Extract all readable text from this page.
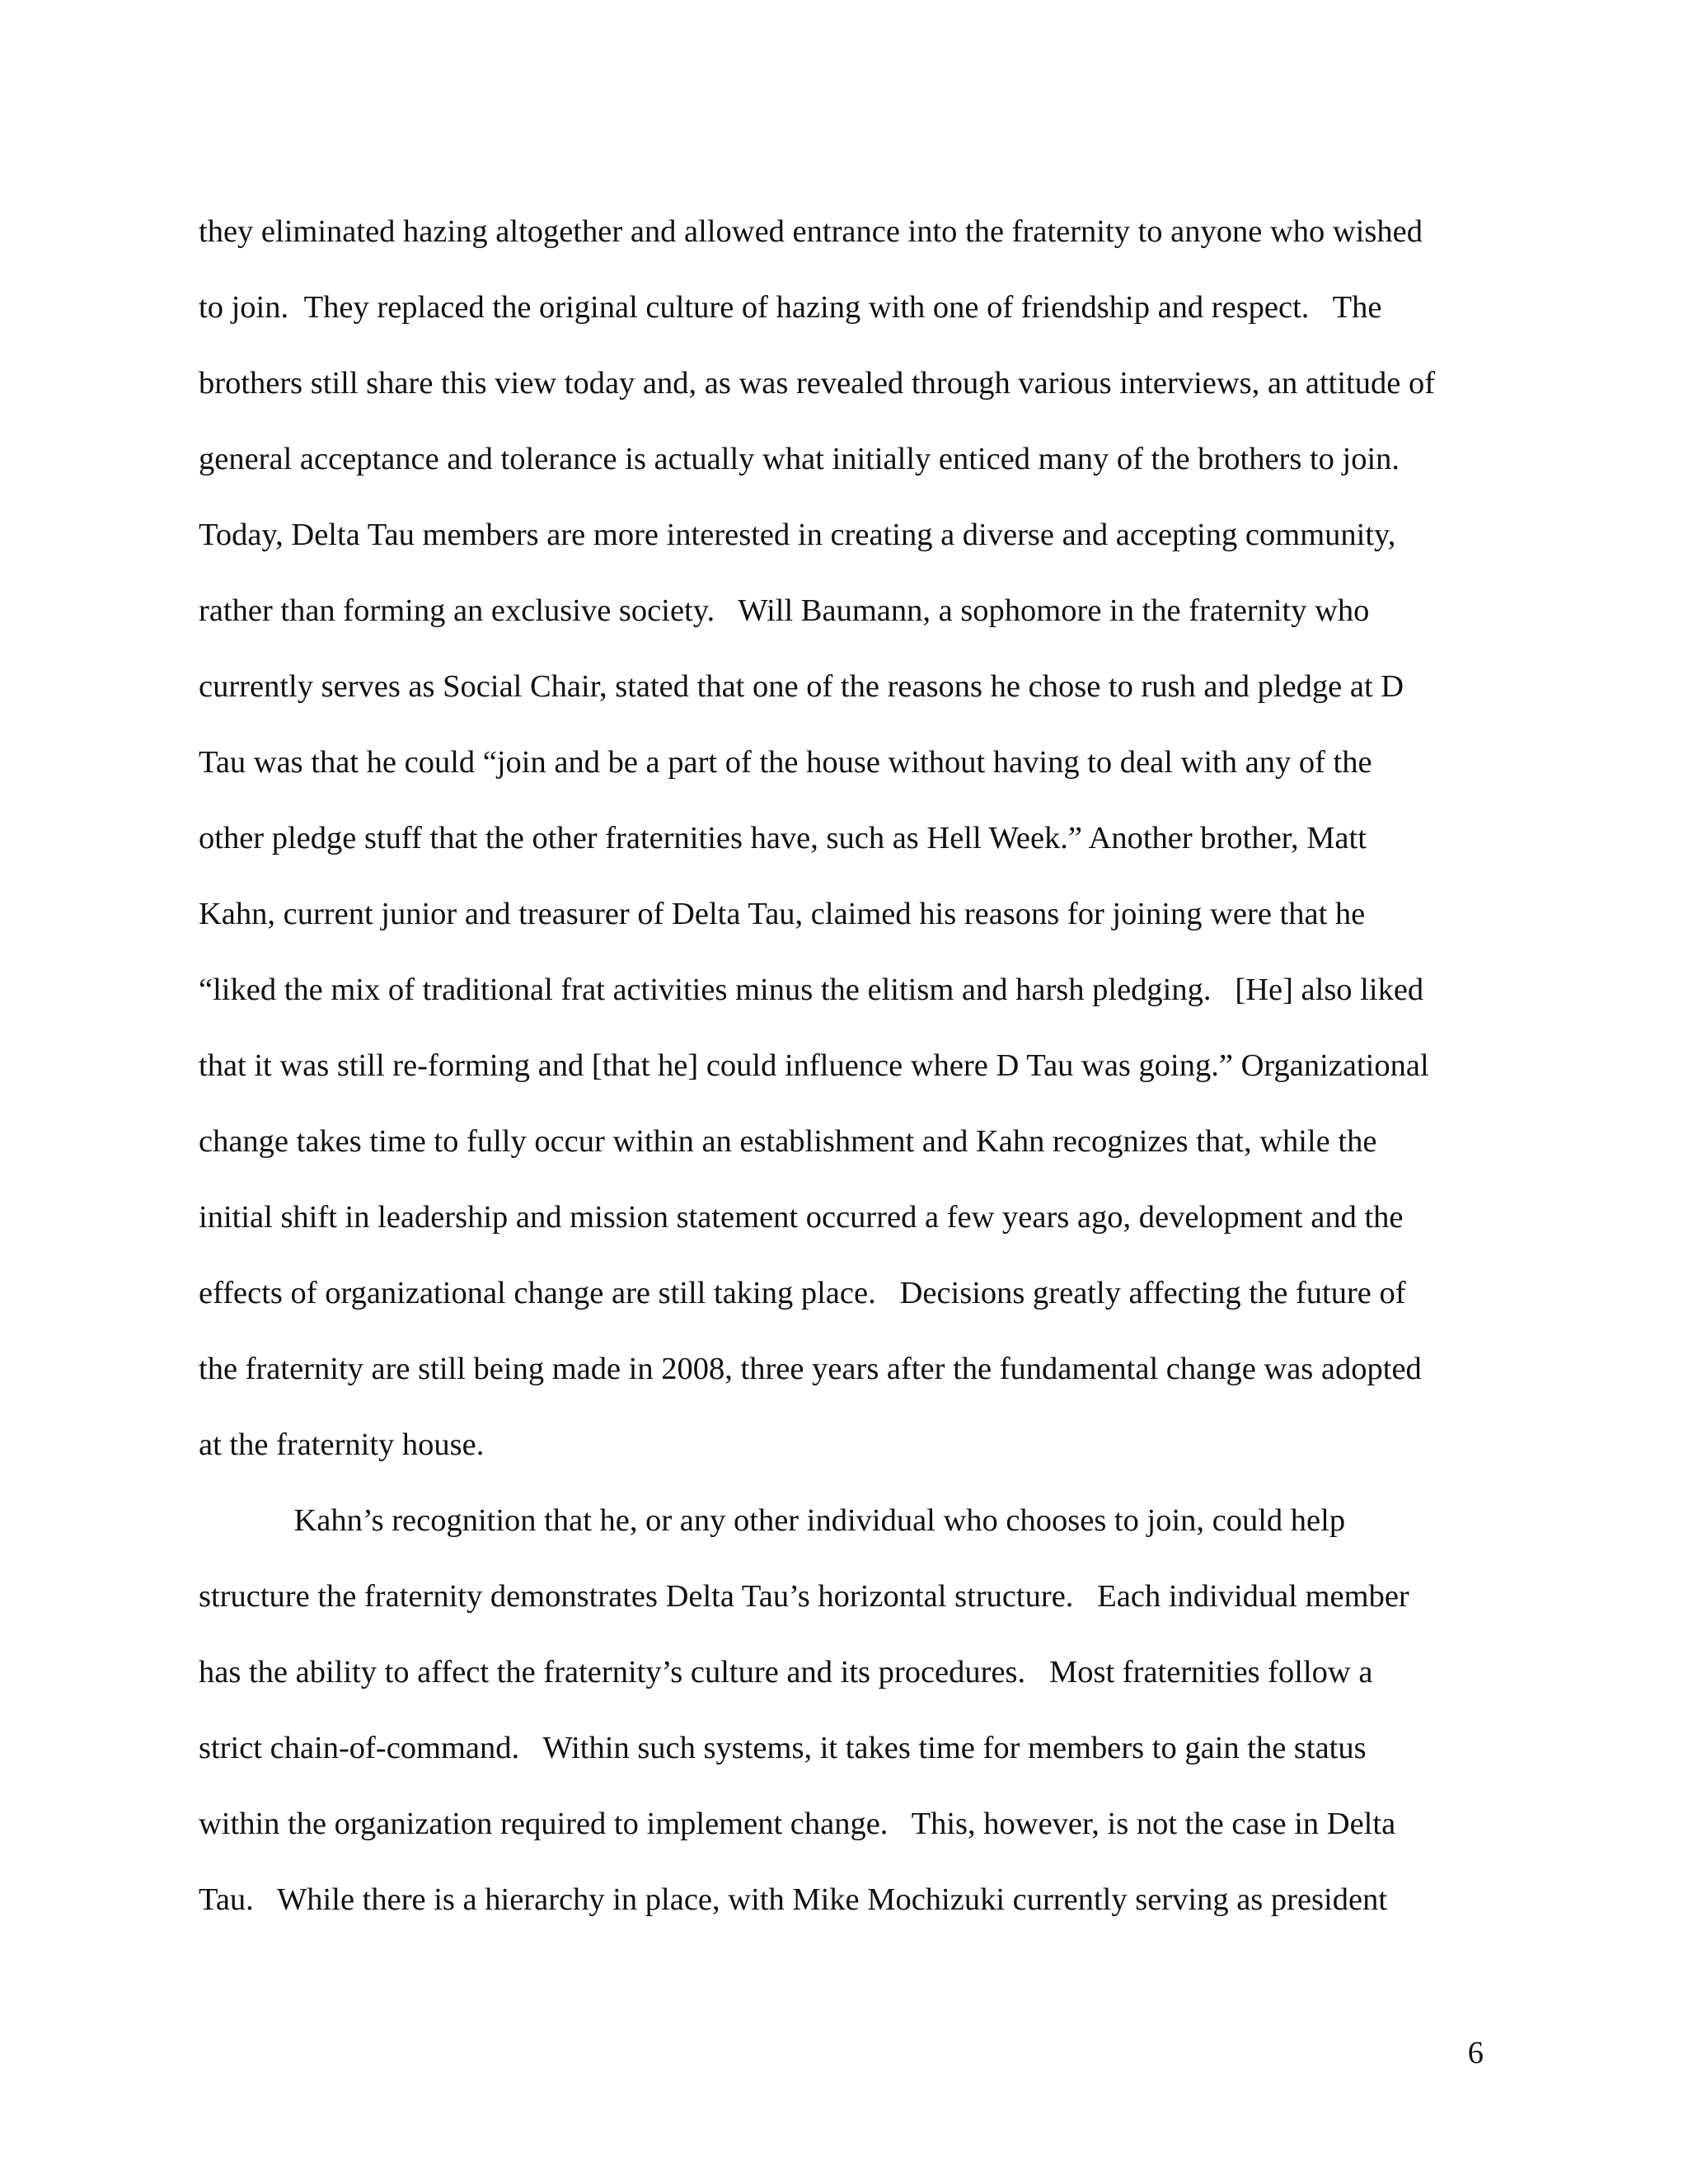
they eliminated hazing altogether and allowed entrance into the fraternity to anyone who wished

to join.  They replaced the original culture of hazing with one of friendship and respect.   The

brothers still share this view today and, as was revealed through various interviews, an attitude of

general acceptance and tolerance is actually what initially enticed many of the brothers to join.

Today, Delta Tau members are more interested in creating a diverse and accepting community,

rather than forming an exclusive society.   Will Baumann, a sophomore in the fraternity who

currently serves as Social Chair, stated that one of the reasons he chose to rush and pledge at D

Tau was that he could “join and be a part of the house without having to deal with any of the

other pledge stuff that the other fraternities have, such as Hell Week.” Another brother, Matt

Kahn, current junior and treasurer of Delta Tau, claimed his reasons for joining were that he

“liked the mix of traditional frat activities minus the elitism and harsh pledging.   [He] also liked

that it was still re-forming and [that he] could influence where D Tau was going.” Organizational

change takes time to fully occur within an establishment and Kahn recognizes that, while the

initial shift in leadership and mission statement occurred a few years ago, development and the

effects of organizational change are still taking place.   Decisions greatly affecting the future of

the fraternity are still being made in 2008, three years after the fundamental change was adopted

at the fraternity house.

Kahn’s recognition that he, or any other individual who chooses to join, could help

structure the fraternity demonstrates Delta Tau’s horizontal structure.   Each individual member

has the ability to affect the fraternity’s culture and its procedures.   Most fraternities follow a

strict chain-of-command.   Within such systems, it takes time for members to gain the status

within the organization required to implement change.   This, however, is not the case in Delta

Tau.   While there is a hierarchy in place, with Mike Mochizuki currently serving as president

6
